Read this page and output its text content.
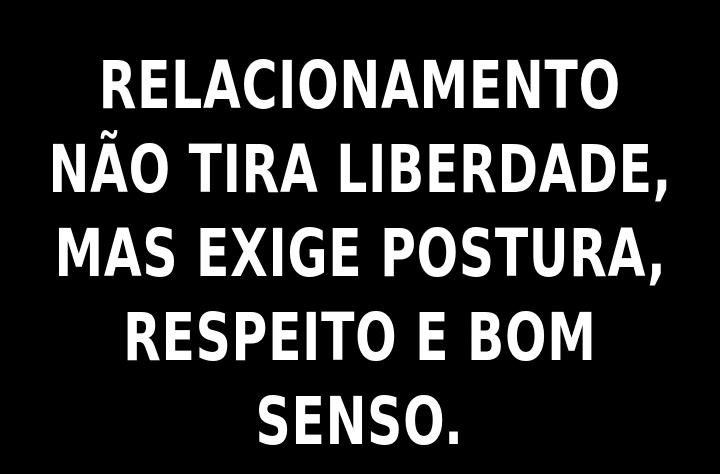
RELACIONAMENTO
NÃO TIRA LIBERDADE,
MAS EXIGE POSTURA,
RESPEITO E BOM
SENSO.
